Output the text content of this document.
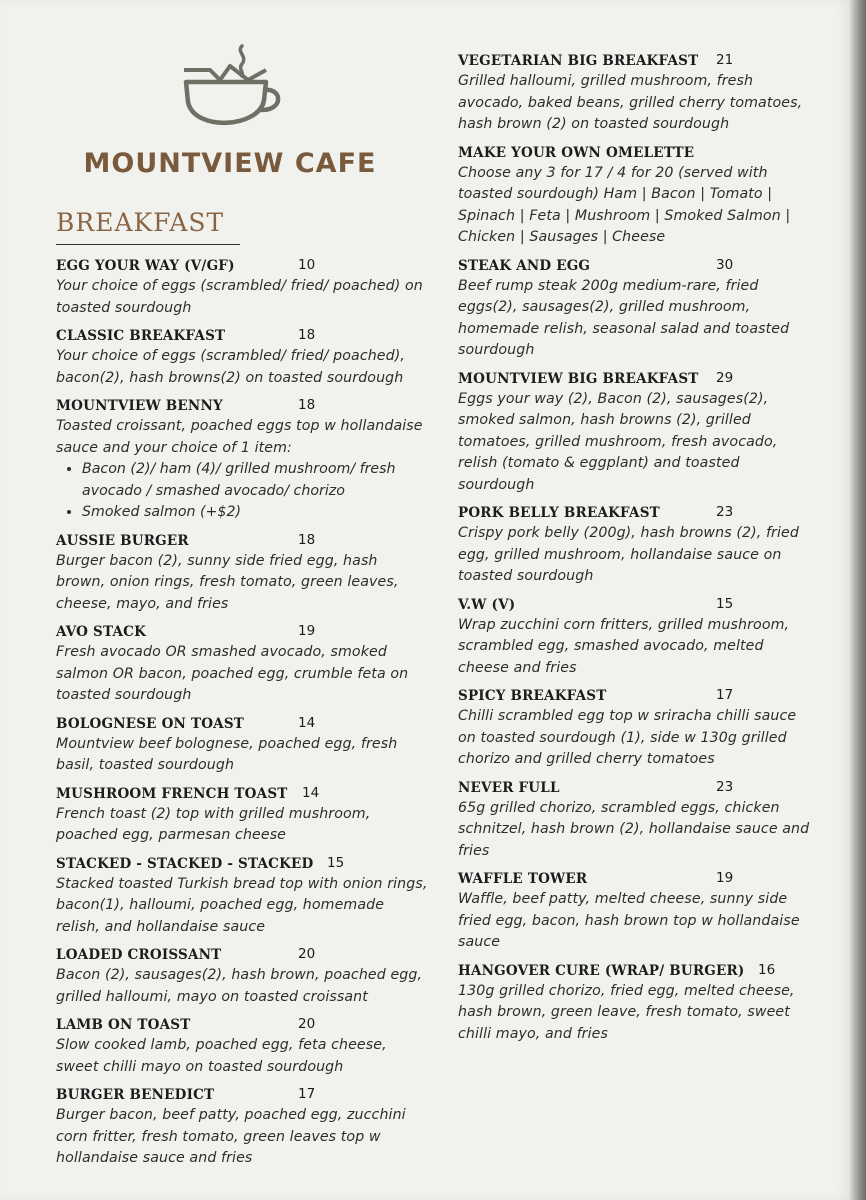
MOUNTVIEW CAFE
BREAKFAST
EGG YOUR WAY (V/GF)	10
Your choice of eggs (scrambled/ fried/ poached) on toasted sourdough
CLASSIC BREAKFAST	18
Your choice of eggs (scrambled/ fried/ poached), bacon(2), hash browns(2) on toasted sourdough
MOUNTVIEW BENNY	18
Toasted croissant, poached eggs top w hollandaise sauce and your choice of 1 item:
• Bacon (2)/ ham (4)/ grilled mushroom/ fresh avocado / smashed avocado/ chorizo
• Smoked salmon (+$2)
AUSSIE BURGER	18
Burger bacon (2), sunny side fried egg, hash brown, onion rings, fresh tomato, green leaves, cheese, mayo, and fries
AVO STACK	19
Fresh avocado OR smashed avocado, smoked salmon OR bacon, poached egg, crumble feta on toasted sourdough
BOLOGNESE ON TOAST	14
Mountview beef bolognese, poached egg, fresh basil, toasted sourdough
MUSHROOM FRENCH TOAST 14
French toast (2) top with grilled mushroom, poached egg, parmesan cheese
STACKED - STACKED - STACKED 15
Stacked toasted Turkish bread top with onion rings, bacon(1), halloumi, poached egg, homemade relish, and hollandaise sauce
LOADED CROISSANT	20
Bacon (2), sausages(2), hash brown, poached egg, grilled halloumi, mayo on toasted croissant
LAMB ON TOAST	20
Slow cooked lamb, poached egg, feta cheese, sweet chilli mayo on toasted sourdough
BURGER BENEDICT	17
Burger bacon, beef patty, poached egg, zucchini corn fritter, fresh tomato, green leaves top w hollandaise sauce and fries
VEGETARIAN BIG BREAKFAST 21
Grilled halloumi, grilled mushroom, fresh avocado, baked beans, grilled cherry tomatoes, hash brown (2) on toasted sourdough
MAKE YOUR OWN OMELETTE
Choose any 3 for 17 / 4 for 20 (served with toasted sourdough) Ham | Bacon | Tomato | Spinach | Feta | Mushroom | Smoked Salmon | Chicken | Sausages | Cheese
STEAK AND EGG	30
Beef rump steak 200g medium-rare, fried eggs(2), sausages(2), grilled mushroom, homemade relish, seasonal salad and toasted sourdough
MOUNTVIEW BIG BREAKFAST 29
Eggs your way (2), Bacon (2), sausages(2), smoked salmon, hash browns (2), grilled tomatoes, grilled mushroom, fresh avocado, relish (tomato & eggplant) and toasted sourdough
PORK BELLY BREAKFAST	23
Crispy pork belly (200g), hash browns (2), fried egg, grilled mushroom, hollandaise sauce on toasted sourdough
V.W (V)	15
Wrap zucchini corn fritters, grilled mushroom, scrambled egg, smashed avocado, melted cheese and fries
SPICY BREAKFAST	17
Chilli scrambled egg top w sriracha chilli sauce on toasted sourdough (1), side w 130g grilled chorizo and grilled cherry tomatoes
NEVER FULL	23
65g grilled chorizo, scrambled eggs, chicken schnitzel, hash brown (2), hollandaise sauce and fries
WAFFLE TOWER	19
Waffle, beef patty, melted cheese, sunny side fried egg, bacon, hash brown top w hollandaise sauce
HANGOVER CURE (WRAP/ BURGER) 16
130g grilled chorizo, fried egg, melted cheese, hash brown, green leave, fresh tomato, sweet chilli mayo, and fries
